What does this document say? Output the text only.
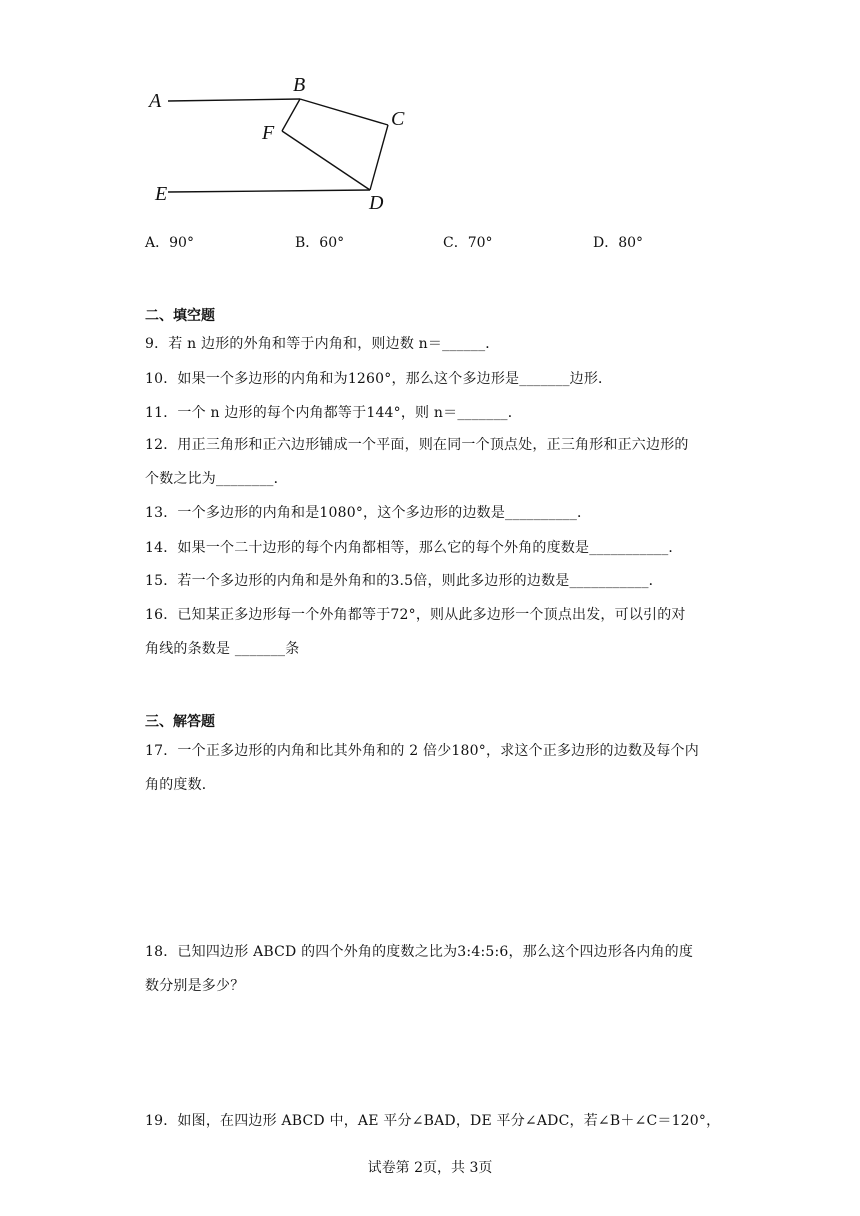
A
B
C
D
E
F
A．90°	B．60°	C．70°	D．80°
二、填空题
9．若 n 边形的外角和等于内角和，则边数 n＝______．
10．如果一个多边形的内角和为1260°，那么这个多边形是_______边形．
11．一个 n 边形的每个内角都等于144°，则 n＝_______．
12．用正三角形和正六边形铺成一个平面，则在同一个顶点处，正三角形和正六边形的
个数之比为________．
13．一个多边形的内角和是1080°，这个多边形的边数是__________．
14．如果一个二十边形的每个内角都相等，那么它的每个外角的度数是___________．
15．若一个多边形的内角和是外角和的3.5倍，则此多边形的边数是___________．
16．已知某正多边形每一个外角都等于72°，则从此多边形一个顶点出发，可以引的对
角线的条数是 _______条
三、解答题
17．一个正多边形的内角和比其外角和的 2 倍少180°，求这个正多边形的边数及每个内
角的度数．
18．已知四边形 ABCD 的四个外角的度数之比为3:4:5:6，那么这个四边形各内角的度
数分别是多少？
19．如图，在四边形 ABCD 中，AE 平分∠BAD，DE 平分∠ADC，若∠B＋∠C＝120°，
试卷第 2页，共 3页
